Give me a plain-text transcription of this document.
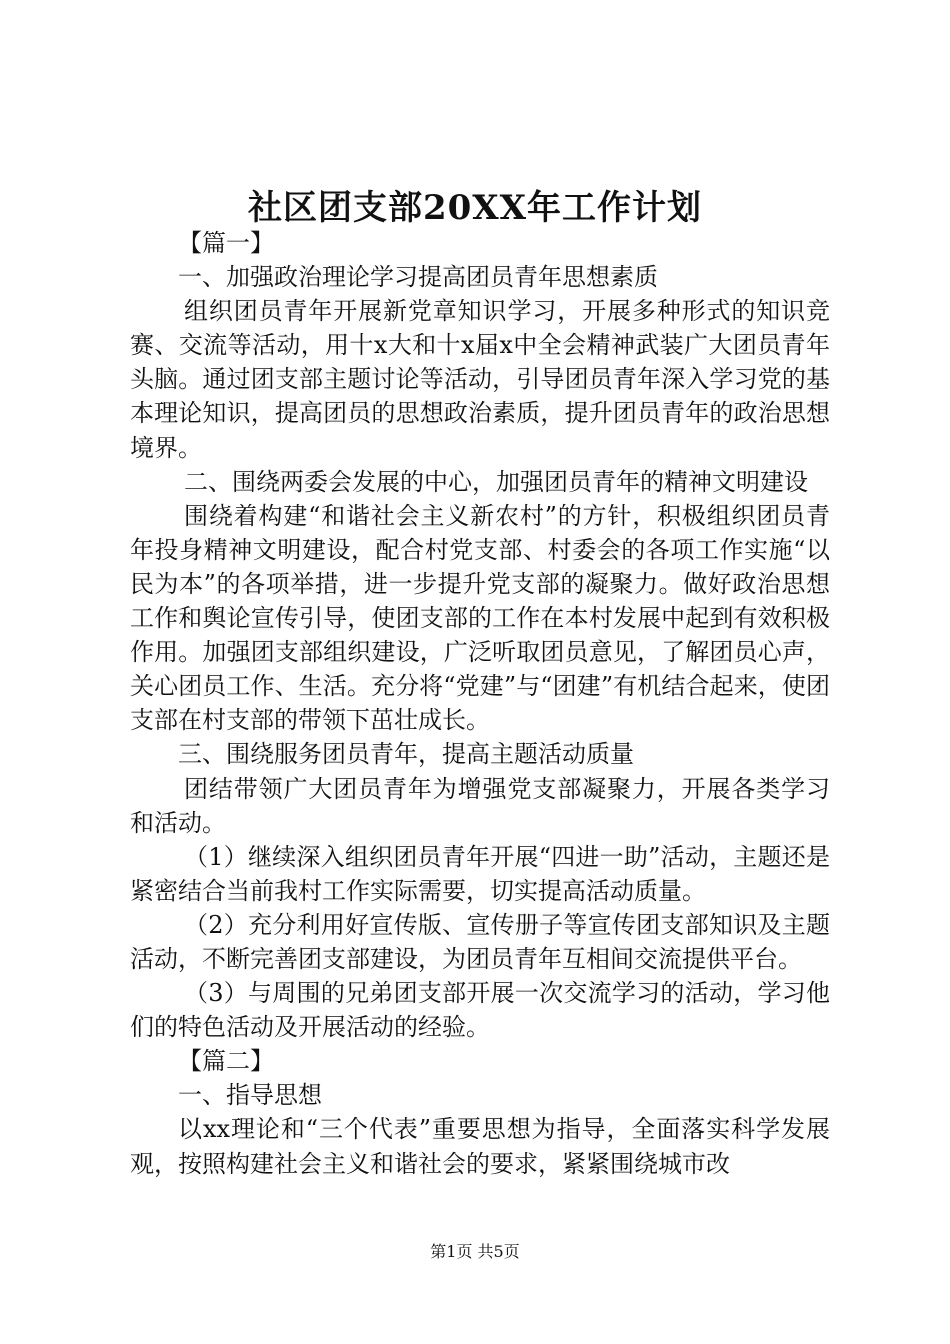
社区团支部20XX年工作计划

【篇一】

一、加强政治理论学习提高团员青年思想素质

组织团员青年开展新党章知识学习，开展多种形式的知识竞赛、交流等活动，用十x大和十x届x中全会精神武装广大团员青年头脑。通过团支部主题讨论等活动，引导团员青年深入学习党的基本理论知识，提高团员的思想政治素质，提升团员青年的政治思想境界。

二、围绕两委会发展的中心，加强团员青年的精神文明建设

围绕着构建“和谐社会主义新农村”的方针，积极组织团员青年投身精神文明建设，配合村党支部、村委会的各项工作实施“以民为本”的各项举措，进一步提升党支部的凝聚力。做好政治思想工作和舆论宣传引导，使团支部的工作在本村发展中起到有效积极作用。加强团支部组织建设，广泛听取团员意见，了解团员心声，关心团员工作、生活。充分将“党建”与“团建”有机结合起来，使团支部在村支部的带领下茁壮成长。

三、围绕服务团员青年，提高主题活动质量

团结带领广大团员青年为增强党支部凝聚力，开展各类学习和活动。

（1）继续深入组织团员青年开展“四进一助”活动，主题还是紧密结合当前我村工作实际需要，切实提高活动质量。

（2）充分利用好宣传版、宣传册子等宣传团支部知识及主题活动，不断完善团支部建设，为团员青年互相间交流提供平台。

（3）与周围的兄弟团支部开展一次交流学习的活动，学习他们的特色活动及开展活动的经验。

【篇二】

一、指导思想

以xx理论和“三个代表”重要思想为指导，全面落实科学发展观，按照构建社会主义和谐社会的要求，紧紧围绕城市改

第1页 共5页
